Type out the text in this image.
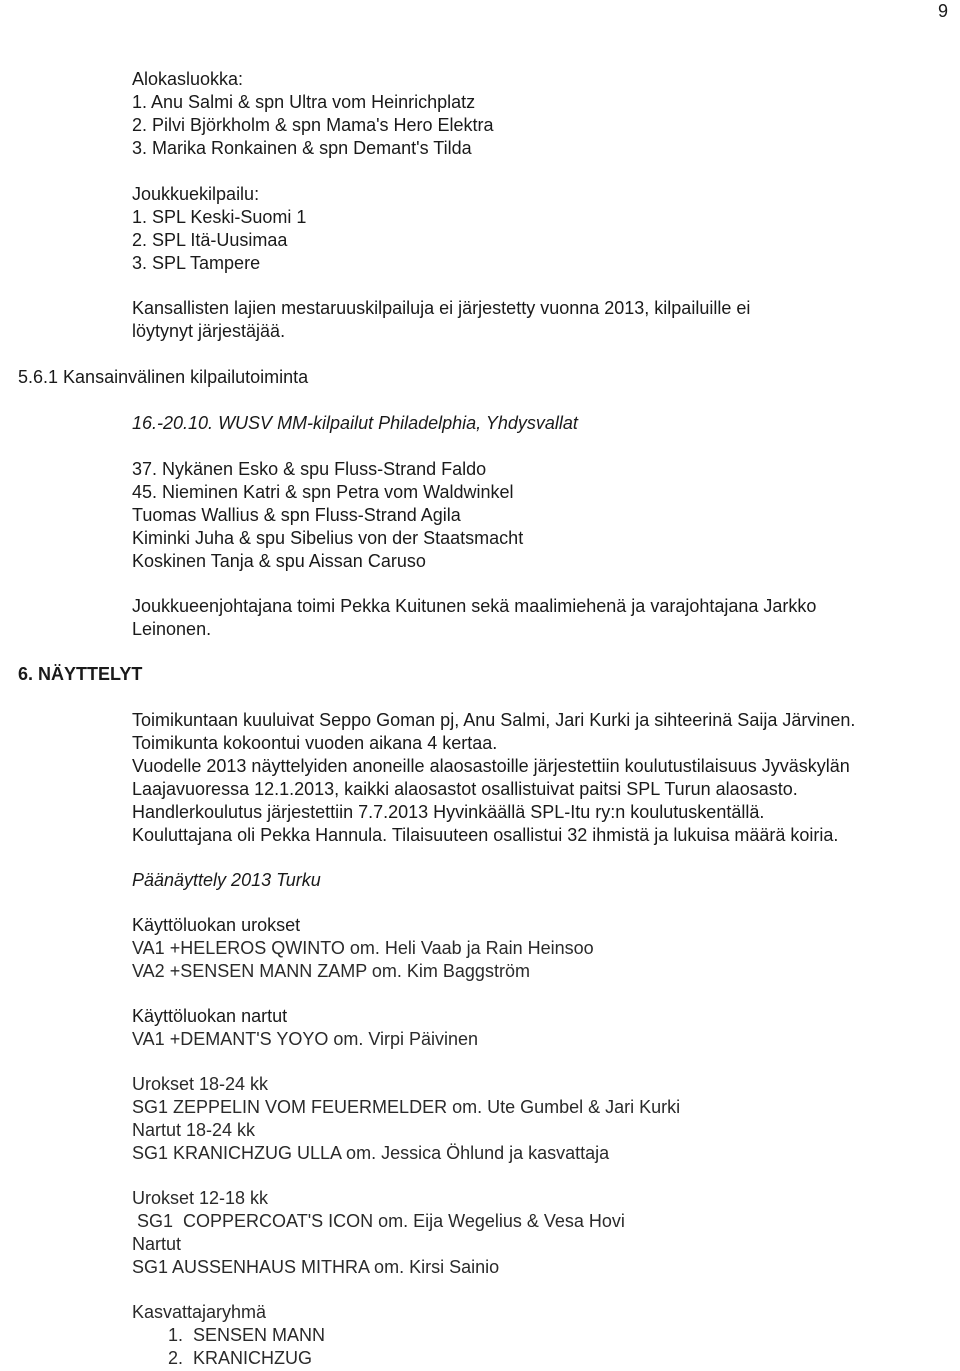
9
Alokasluokka:
1. Anu Salmi & spn Ultra vom Heinrichplatz
2. Pilvi Björkholm & spn Mama's Hero Elektra
3. Marika Ronkainen & spn Demant's Tilda
Joukkuekilpailu:
1. SPL Keski-Suomi 1
2. SPL Itä-Uusimaa
3. SPL Tampere
Kansallisten lajien mestaruuskilpailuja ei järjestetty vuonna 2013, kilpailuille ei
löytynyt järjestäjää.
5.6.1 Kansainvälinen kilpailutoiminta
16.-20.10. WUSV MM-kilpailut Philadelphia, Yhdysvallat
37. Nykänen Esko & spu Fluss-Strand Faldo
45. Nieminen Katri & spn Petra vom Waldwinkel
Tuomas Wallius & spn Fluss-Strand Agila
Kiminki Juha & spu Sibelius von der Staatsmacht
Koskinen Tanja & spu Aissan Caruso
Joukkueenjohtajana toimi Pekka Kuitunen sekä maalimiehenä ja varajohtajana Jarkko
Leinonen.
6. NÄYTTELYT
Toimikuntaan kuuluivat Seppo Goman pj, Anu Salmi, Jari Kurki ja sihteerinä Saija Järvinen.
Toimikunta kokoontui vuoden aikana 4 kertaa.
Vuodelle 2013 näyttelyiden anoneille alaosastoille järjestettiin koulutustilaisuus Jyväskylän
Laajavuoressa 12.1.2013, kaikki alaosastot osallistuivat paitsi SPL Turun alaosasto.
Handlerkoulutus järjestettiin 7.7.2013 Hyvinkäällä SPL-Itu ry:n koulutuskentällä.
Kouluttajana oli Pekka Hannula. Tilaisuuteen osallistui 32 ihmistä ja lukuisa määrä koiria.
Päänäyttely 2013 Turku
Käyttöluokan urokset
VA1 +HELEROS QWINTO om. Heli Vaab ja Rain Heinsoo
VA2 +SENSEN MANN ZAMP om. Kim Baggström
Käyttöluokan nartut
VA1 +DEMANT'S YOYO om. Virpi Päivinen
Urokset 18-24 kk
SG1 ZEPPELIN VOM FEUERMELDER om. Ute Gumbel & Jari Kurki
Nartut 18-24 kk
SG1 KRANICHZUG ULLA om. Jessica Öhlund ja kasvattaja
Urokset 12-18 kk
SG1  COPPERCOAT'S ICON om. Eija Wegelius & Vesa Hovi
Nartut
SG1 AUSSENHAUS MITHRA om. Kirsi Sainio
Kasvattajaryhmä
1.  SENSEN MANN
2.  KRANICHZUG
